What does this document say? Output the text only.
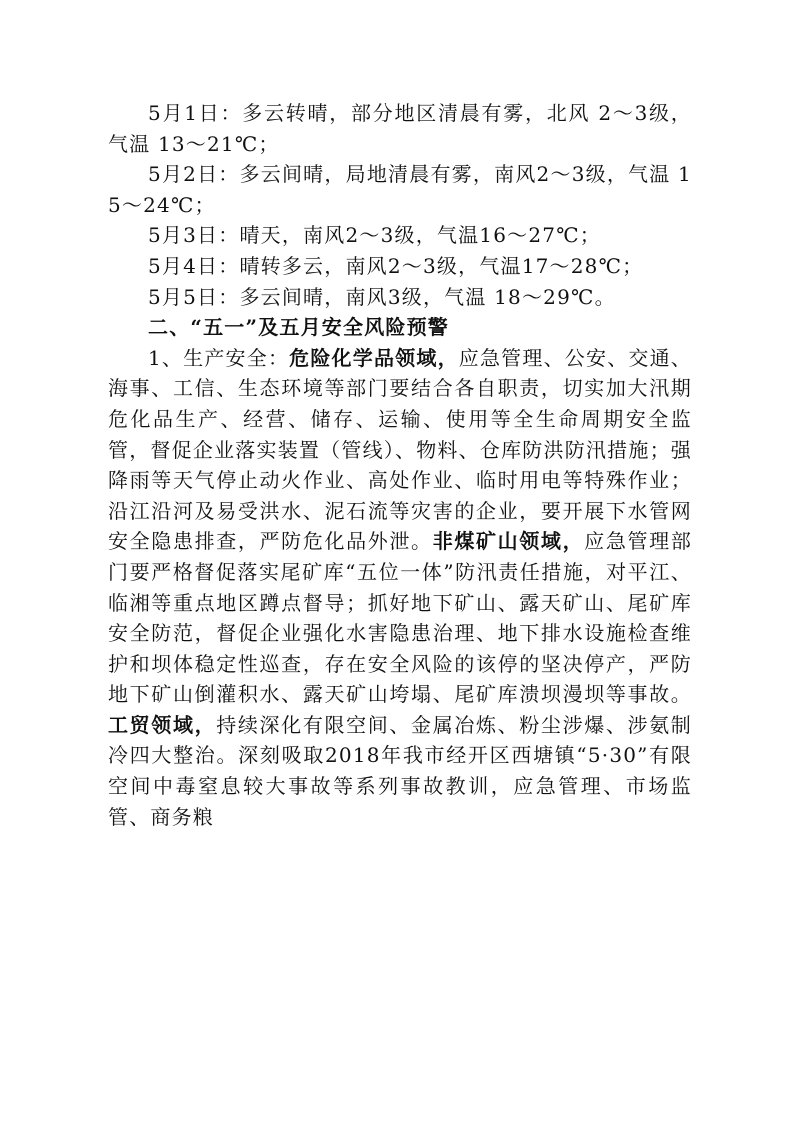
5月1日：多云转晴，部分地区清晨有雾，北风 2～3级，气温 13～21℃；

5月2日：多云间晴，局地清晨有雾，南风2～3级，气温 15～24℃；

5月3日：晴天，南风2～3级，气温16～27℃；

5月4日：晴转多云，南风2～3级，气温17～28℃；

5月5日：多云间晴，南风3级，气温 18～29℃。

二、“五一”及五月安全风险预警

1、生产安全：危险化学品领域，应急管理、公安、交通、海事、工信、生态环境等部门要结合各自职责，切实加大汛期危化品生产、经营、储存、运输、使用等全生命周期安全监管，督促企业落实装置（管线）、物料、仓库防洪防汛措施；强降雨等天气停止动火作业、高处作业、临时用电等特殊作业；沿江沿河及易受洪水、泥石流等灾害的企业，要开展下水管网安全隐患排查，严防危化品外泄。非煤矿山领域，应急管理部门要严格督促落实尾矿库“五位一体”防汛责任措施，对平江、临湘等重点地区蹲点督导；抓好地下矿山、露天矿山、尾矿库安全防范，督促企业强化水害隐患治理、地下排水设施检查维护和坝体稳定性巡查，存在安全风险的该停的坚决停产，严防地下矿山倒灌积水、露天矿山垮塌、尾矿库溃坝漫坝等事故。工贸领域，持续深化有限空间、金属冶炼、粉尘涉爆、涉氨制冷四大整治。深刻吸取2018年我市经开区西塘镇“5·30”有限空间中毒窒息较大事故等系列事故教训，应急管理、市场监管、商务粮
